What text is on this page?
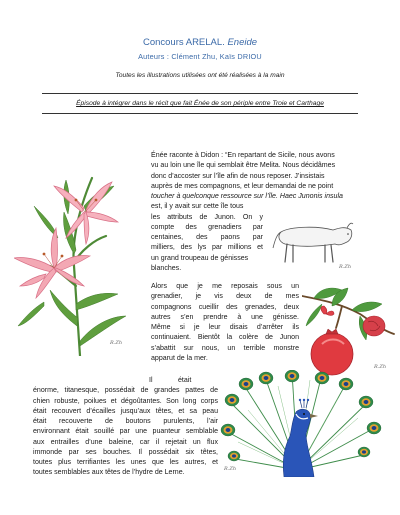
Concours ARELAL. Eneide
Auteurs : Clément Zhu, Kaïs DRIOU
Toutes les illustrations utilisées ont été réalisées à la main
Épisode à intégrer dans le récit que fait Énée de son périple entre Troie et Carthage
Énée raconte à Didon : “En repartant de Sicile, nous avons
vu au loin une île qui semblait être Melita. Nous décidâmes
donc d’accoster sur l’île afin de nous reposer. J’insistais
auprès de mes compagnons, et leur demandai de ne point
toucher à quelconque ressource sur l’île. Haec Junonis insula
est, il y avait sur cette île tous
les attributs de Junon. On y
compte des grenadiers par
centaines, des paons par
milliers, des lys par millions et
un grand troupeau de génisses
blanches.
Alors que je me reposais sous un
grenadier, je vis deux de mes
compagnons cueillir des grenades, deux
autres s’en prendre à une génisse.
Même si je leur disais d’arrêter ils
continuaient. Bientôt la colère de Junon
s’abattit sur nous, un terrible monstre
apparut de la mer.
Il             était
énorme, titanesque, possédait de grandes pattes de
chien robuste, poilues et dégoûtantes. Son long corps
était recouvert d’écailles jusqu’aux têtes, et sa peau
était recouverte de boutons purulents, l’air
environnant était souillé par une puanteur semblable
aux entrailles d’une baleine, car il rejetait un flux
immonde par ses bouches. Il possédait six têtes,
toutes plus terrifiantes les unes que les autres, et
toutes semblables aux têtes de l’hydre de Lerne.
R.Zh
R.Zh
R.Zh
R.Zh
